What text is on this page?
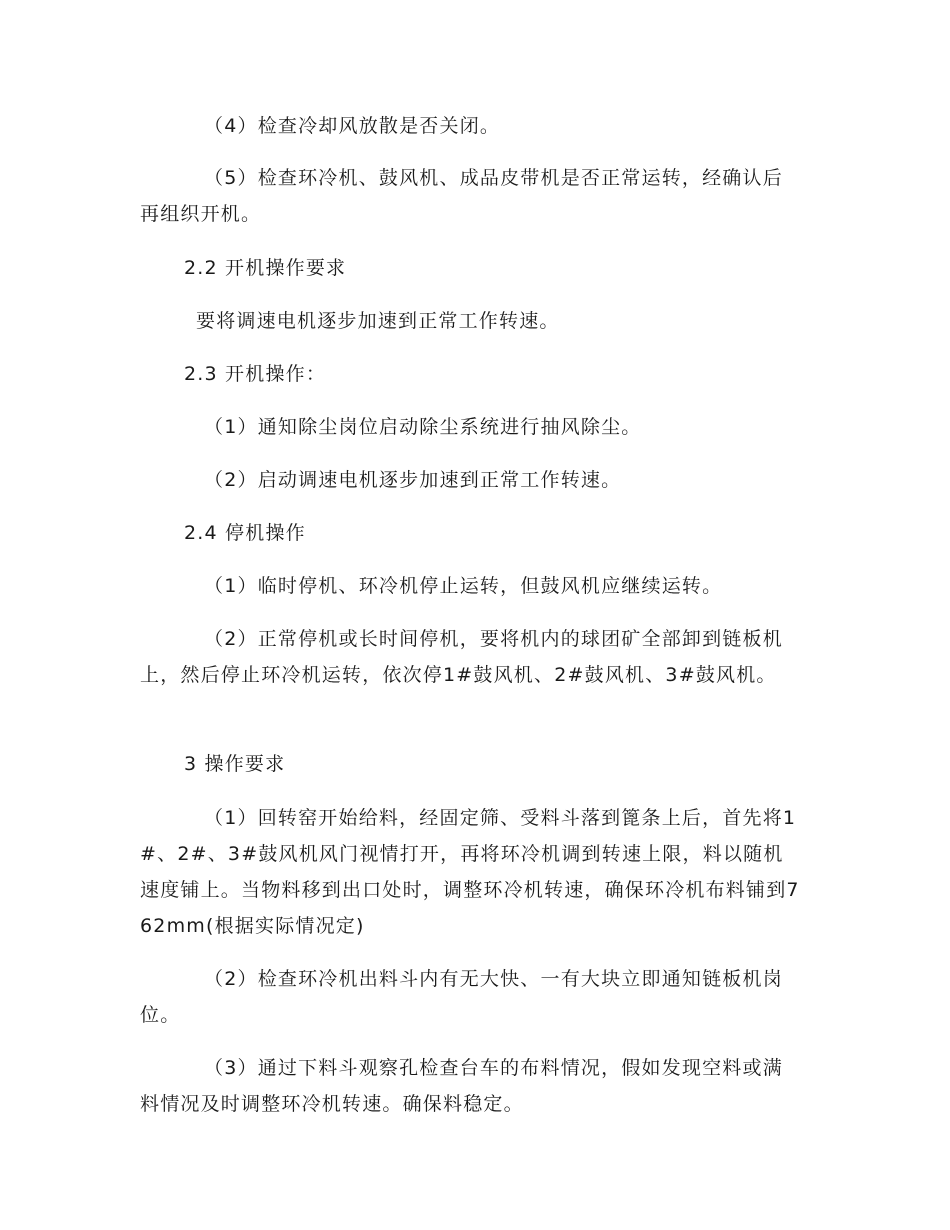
（4）检查冷却风放散是否关闭。

（5）检查环冷机、鼓风机、成品皮带机是否正常运转，经确认后再组织开机。

2.2 开机操作要求

要将调速电机逐步加速到正常工作转速。

2.3 开机操作：

（1）通知除尘岗位启动除尘系统进行抽风除尘。

（2）启动调速电机逐步加速到正常工作转速。

2.4 停机操作

（1）临时停机、环冷机停止运转，但鼓风机应继续运转。

（2）正常停机或长时间停机，要将机内的球团矿全部卸到链板机上，然后停止环冷机运转，依次停1#鼓风机、2#鼓风机、3#鼓风机。

3 操作要求

（1）回转窑开始给料，经固定筛、受料斗落到篦条上后，首先将1#、2#、3#鼓风机风门视情打开，再将环冷机调到转速上限，料以随机速度铺上。当物料移到出口处时，调整环冷机转速，确保环冷机布料铺到762mm(根据实际情况定)

（2）检查环冷机出料斗内有无大快、一有大块立即通知链板机岗位。

（3）通过下料斗观察孔检查台车的布料情况，假如发现空料或满料情况及时调整环冷机转速。确保料稳定。
